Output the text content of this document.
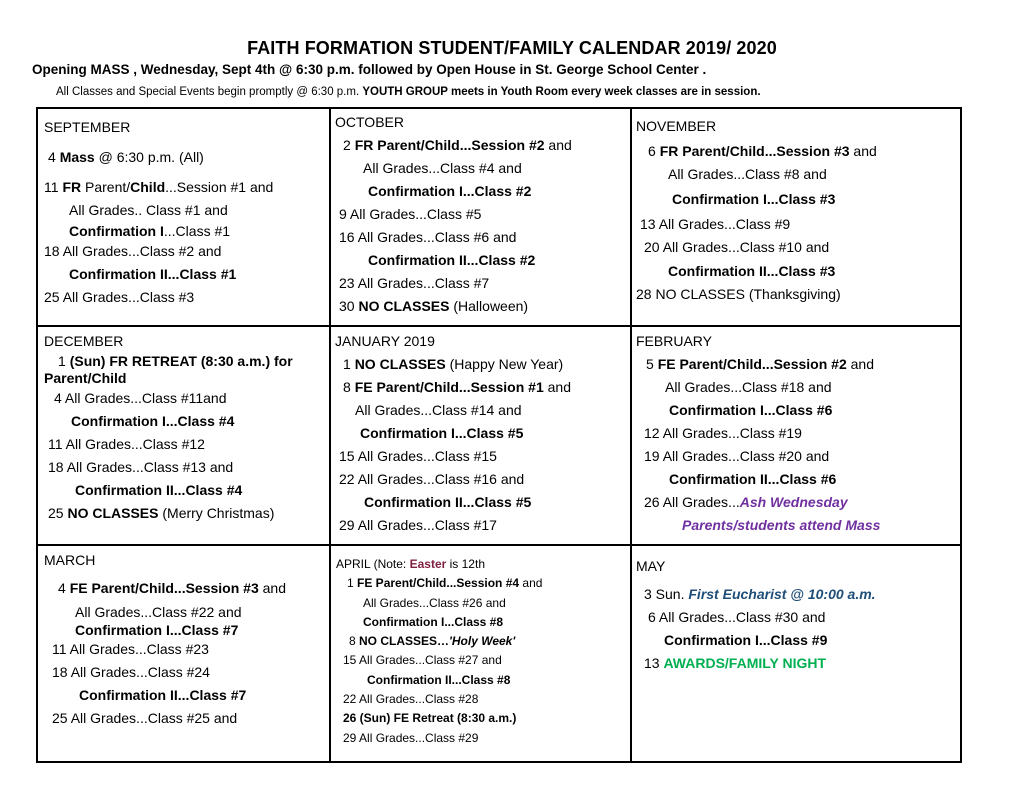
FAITH FORMATION STUDENT/FAMILY CALENDAR 2019/ 2020
Opening MASS , Wednesday, Sept 4th @ 6:30 p.m. followed by Open House in St. George School Center .
All Classes and Special Events begin promptly @ 6:30 p.m. YOUTH GROUP meets in Youth Room every week classes are in session.
SEPTEMBER
4 Mass @ 6:30 p.m. (All)
11 FR Parent/Child...Session #1 and
All Grades.. Class #1 and
Confirmation I...Class #1
18 All Grades...Class #2 and
Confirmation II...Class #1
25 All Grades...Class #3
OCTOBER
2 FR Parent/Child...Session #2 and
All Grades...Class #4 and
Confirmation I...Class #2
9 All Grades...Class #5
16 All Grades...Class #6 and
Confirmation II...Class #2
23 All Grades...Class #7
30 NO CLASSES (Halloween)
NOVEMBER
6 FR Parent/Child...Session #3 and
All Grades...Class #8 and
Confirmation I...Class #3
13 All Grades...Class #9
20 All Grades...Class #10 and
Confirmation II...Class #3
28 NO CLASSES (Thanksgiving)
DECEMBER
1 (Sun) FR RETREAT (8:30 a.m.) for
Parent/Child
4 All Grades...Class #11and
Confirmation I...Class #4
11 All Grades...Class #12
18 All Grades...Class #13 and
Confirmation II...Class #4
25 NO CLASSES (Merry Christmas)
JANUARY 2019
1 NO CLASSES (Happy New Year)
8 FE Parent/Child...Session #1 and
All Grades...Class #14 and
Confirmation I...Class #5
15 All Grades...Class #15
22 All Grades...Class #16 and
Confirmation II...Class #5
29 All Grades...Class #17
FEBRUARY
5 FE Parent/Child...Session #2 and
All Grades...Class #18 and
Confirmation I...Class #6
12 All Grades...Class #19
19 All Grades...Class #20 and
Confirmation II...Class #6
26 All Grades...Ash Wednesday
Parents/students attend Mass
MARCH
4 FE Parent/Child...Session #3 and
All Grades...Class #22 and
Confirmation I...Class #7
11 All Grades...Class #23
18 All Grades...Class #24
Confirmation II...Class #7
25 All Grades...Class #25 and
APRIL (Note: Easter is 12th
1 FE Parent/Child...Session #4 and
All Grades...Class #26 and
Confirmation I...Class #8
8 NO CLASSES…'Holy Week'
15 All Grades...Class #27 and
Confirmation II...Class #8
22 All Grades...Class #28
26 (Sun) FE Retreat (8:30 a.m.)
29 All Grades...Class #29
MAY
3 Sun. First Eucharist @ 10:00 a.m.
6 All Grades...Class #30 and
Confirmation I...Class #9
13 AWARDS/FAMILY NIGHT
